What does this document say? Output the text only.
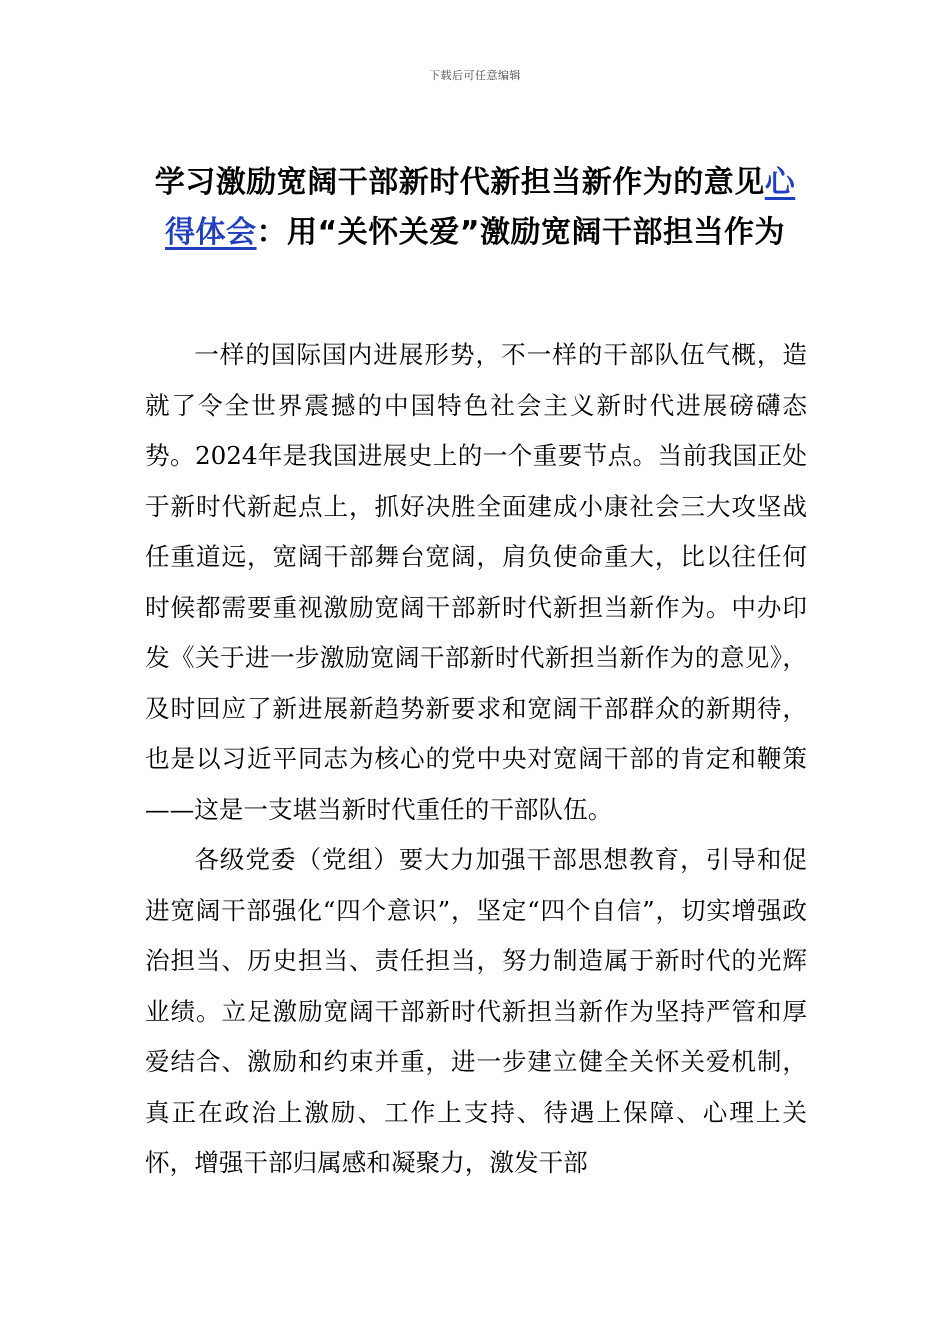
下载后可任意编辑
学习激励宽阔干部新时代新担当新作为的意见心得体会：用“关怀关爱”激励宽阔干部担当作为

一样的国际国内进展形势，不一样的干部队伍气概，造就了令全世界震撼的中国特色社会主义新时代进展磅礴态势。2024年是我国进展史上的一个重要节点。当前我国正处于新时代新起点上，抓好决胜全面建成小康社会三大攻坚战任重道远，宽阔干部舞台宽阔，肩负使命重大，比以往任何时候都需要重视激励宽阔干部新时代新担当新作为。中办印发《关于进一步激励宽阔干部新时代新担当新作为的意见》，及时回应了新进展新趋势新要求和宽阔干部群众的新期待，也是以习近平同志为核心的党中央对宽阔干部的肯定和鞭策——这是一支堪当新时代重任的干部队伍。

各级党委（党组）要大力加强干部思想教育，引导和促进宽阔干部强化“四个意识”，坚定“四个自信”，切实增强政治担当、历史担当、责任担当，努力制造属于新时代的光辉业绩。立足激励宽阔干部新时代新担当新作为坚持严管和厚爱结合、激励和约束并重，进一步建立健全关怀关爱机制，真正在政治上激励、工作上支持、待遇上保障、心理上关怀，增强干部归属感和凝聚力，激发干部
